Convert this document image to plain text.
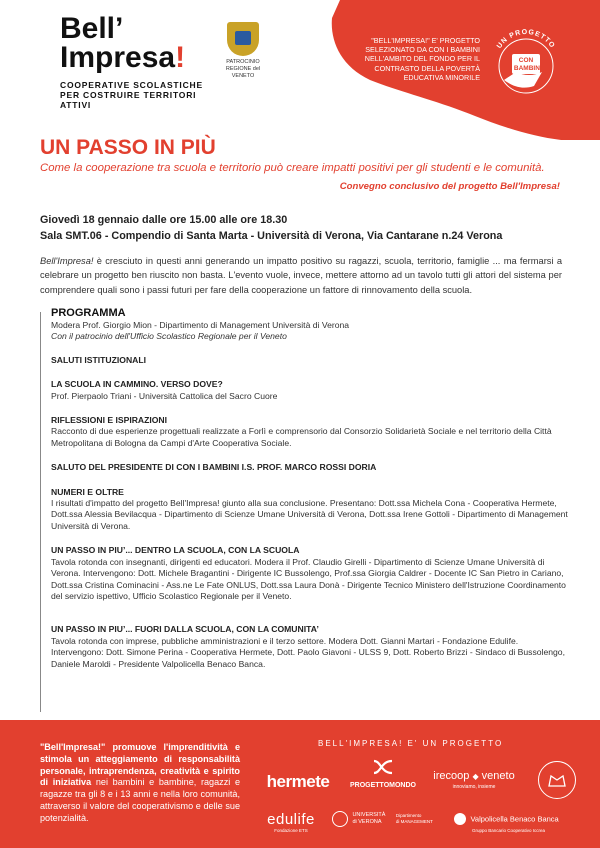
Bell’
Impresa!
COOPERATIVE SCOLASTICHE
PER COSTRUIRE TERRITORI ATTIVI
PATROCINIO
REGIONE del VENETO
"BELL'IMPRESA!" E' PROGETTO
SELEZIONATO DA CON I BAMBINI
NELL'AMBITO DEL FONDO PER IL
CONTRASTO DELLA POVERTÀ
EDUCATIVA MINORILE
UN PROGETTO
CON
I BAMBINI
UN PASSO IN PIÙ
Come la cooperazione tra scuola e territorio può creare impatti positivi per gli studenti e le comunità.
Convegno conclusivo del progetto Bell'Impresa!
Giovedì 18 gennaio dalle ore 15.00 alle ore 18.30
Sala SMT.06 - Compendio di Santa Marta - Università di Verona, Via Cantarane n.24 Verona
Bell'Impresa! è cresciuto in questi anni generando un impatto positivo su ragazzi, scuola, territorio, famiglie ... ma fermarsi a celebrare un progetto ben riuscito non basta. L'evento vuole, invece, mettere attorno ad un tavolo tutti gli attori del sistema per comprendere quali sono i passi futuri per fare della cooperazione un fattore di rinnovamento della scuola.
PROGRAMMA

Modera Prof. Giorgio Mion - Dipartimento di Management Università di Verona

Con il patrocinio dell'Ufficio Scolastico Regionale per il Veneto

SALUTI ISTITUZIONALI

LA SCUOLA IN CAMMINO. VERSO DOVE?

Prof. Pierpaolo Triani - Università Cattolica del Sacro Cuore

RIFLESSIONI E ISPIRAZIONI

Racconto di due esperienze progettuali realizzate a Forlì e comprensorio dal Consorzio Solidarietà Sociale e nel territorio della Città Metropolitana di Bologna da Campi d'Arte Cooperativa Sociale.

SALUTO DEL PRESIDENTE DI CON I BAMBINI I.S. PROF. MARCO ROSSI DORIA

NUMERI E OLTRE

I risultati d'impatto del progetto Bell'Impresa! giunto alla sua conclusione. Presentano: Dott.ssa Michela Cona - Cooperativa Hermete, Dott.ssa Alessia Bevilacqua - Dipartimento di Scienze Umane Università di Verona, Dott.ssa Irene Gottoli - Dipartimento di Management Università di Verona.

UN PASSO IN PIU’... DENTRO LA SCUOLA, CON LA SCUOLA

Tavola rotonda con insegnanti, dirigenti ed educatori. Modera il Prof. Claudio Girelli - Dipartimento di Scienze Umane Università di Verona. Intervengono: Dott. Michele Bragantini - Dirigente IC Bussolengo, Prof.ssa Giorgia Caldrer - Docente IC San Pietro in Cariano, Dott.ssa Cristina Cominacini - Ass.ne Le Fate ONLUS, Dott.ssa Laura Donà - Dirigente Tecnico Ministero dell'Istruzione Coordinamento del servizio ispettivo, Ufficio Scolastico Regionale per il Veneto.

UN PASSO IN PIU’... FUORI DALLA SCUOLA, CON LA COMUNITA’

Tavola rotonda con imprese, pubbliche amministrazioni e il terzo settore. Modera Dott. Gianni Martari - Fondazione Edulife. Intervengono: Dott. Simone Perina - Cooperativa Hermete, Dott. Paolo Giavoni - ULSS 9, Dott. Roberto Brizzi - Sindaco di Bussolengo, Daniele Maroldi - Presidente Valpolicella Benaco Banca.

"Bell'Impresa!" promuove l'imprenditività e stimola un atteggiamento di responsabilità personale, intraprendenza, creatività e spirito di iniziativa nei bambini e bambine, ragazzi e ragazze tra gli 8 e i 13 anni e nella loro comunità, attraverso il valore del cooperativismo e delle sue potenzialità.
BELL'IMPRESA! E' UN PROGETTO
hermete	PROGETTOMONDO
irecoop ◆ veneto
innoviamo, insieme
edulife
Fondazione ETS

UNIVERSITÀ
di VERONA

Dipartimento
di MANAGEMENT	Valpolicella Benaco Banca
Gruppo Bancario Cooperativo Iccrea
